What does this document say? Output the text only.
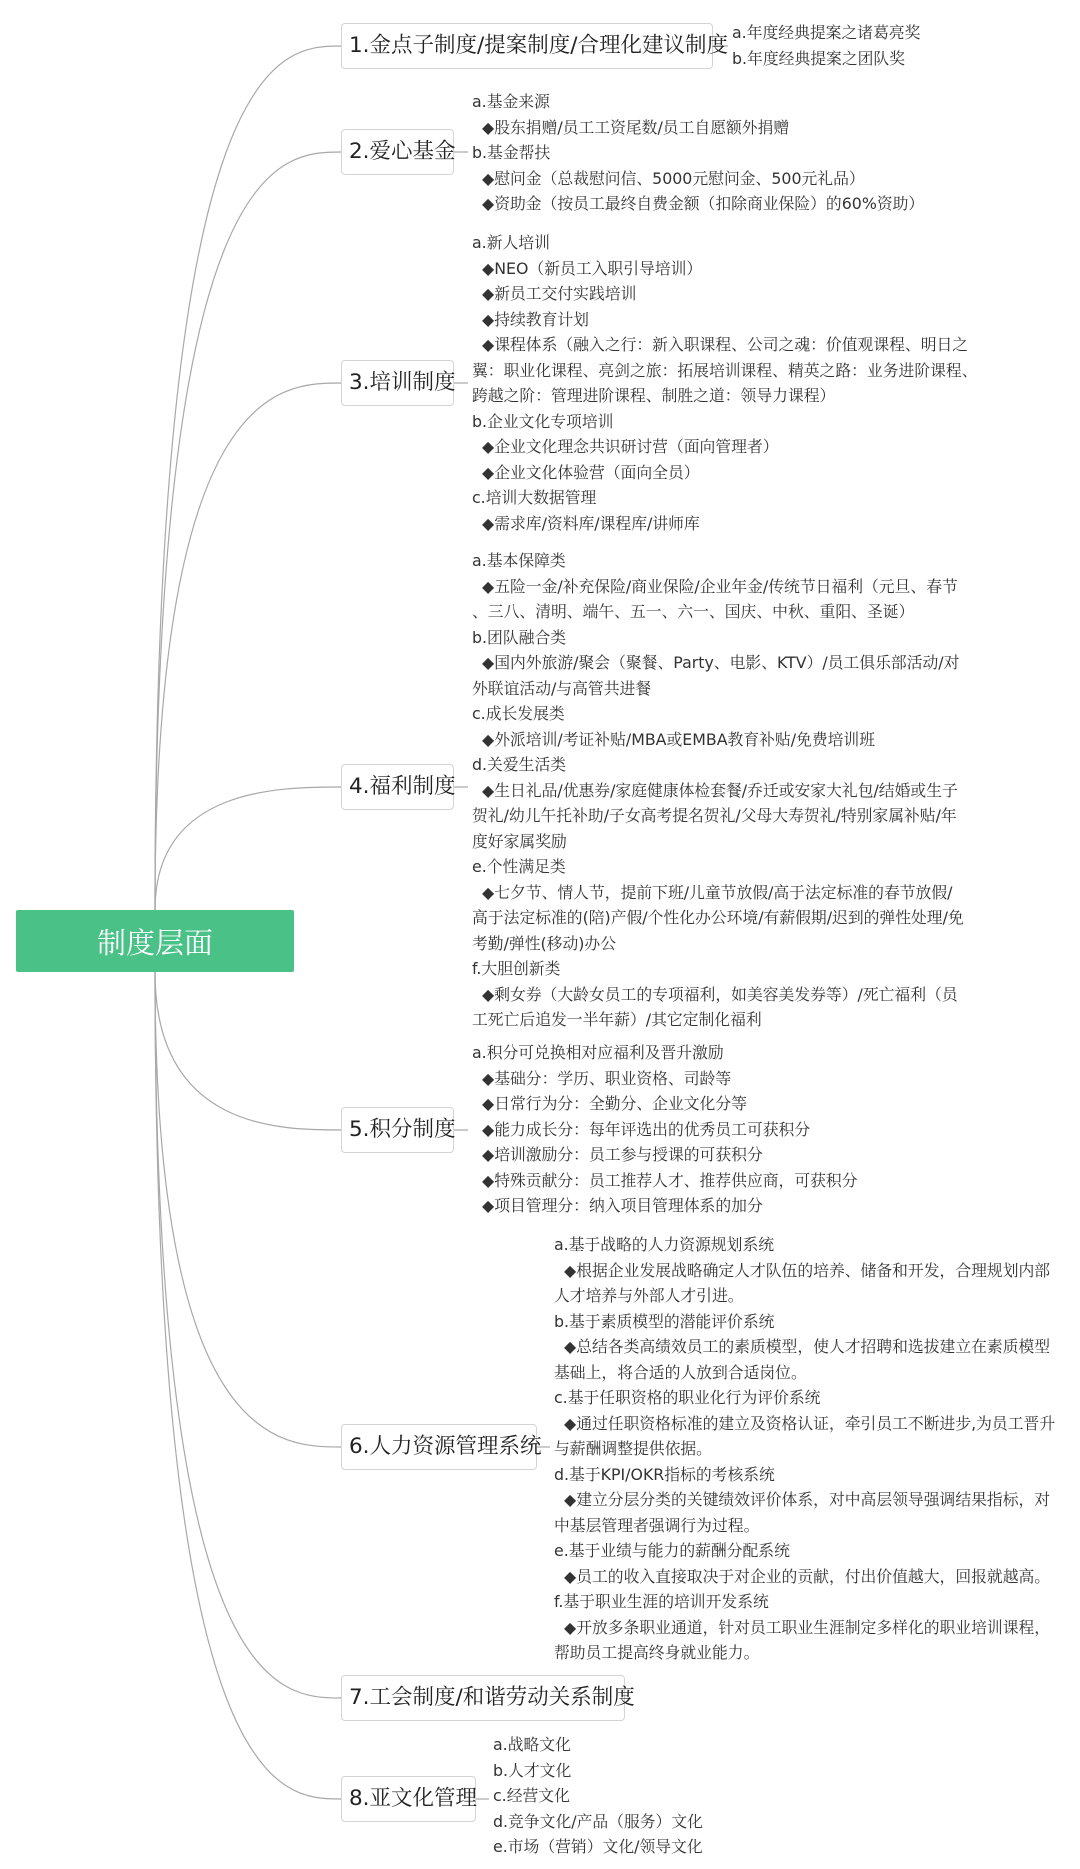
制度层面
1.金点子制度/提案制度/合理化建议制度
2.爱心基金
3.培训制度
4.福利制度
5.积分制度
6.人力资源管理系统
7.工会制度/和谐劳动关系制度
8.亚文化管理
a.年度经典提案之诸葛亮奖
b.年度经典提案之团队奖
a.基金来源
◆股东捐赠/员工工资尾数/员工自愿额外捐赠
b.基金帮扶
◆慰问金（总裁慰问信、5000元慰问金、500元礼品）
◆资助金（按员工最终自费金额（扣除商业保险）的60%资助）
a.新人培训
◆NEO（新员工入职引导培训）
◆新员工交付实践培训
◆持续教育计划
◆课程体系（融入之行：新入职课程、公司之魂：价值观课程、明日之
翼：职业化课程、亮剑之旅：拓展培训课程、精英之路：业务进阶课程、
跨越之阶：管理进阶课程、制胜之道：领导力课程）
b.企业文化专项培训
◆企业文化理念共识研讨营（面向管理者）
◆企业文化体验营（面向全员）
c.培训大数据管理
◆需求库/资料库/课程库/讲师库
a.基本保障类
◆五险一金/补充保险/商业保险/企业年金/传统节日福利（元旦、春节
、三八、清明、端午、五一、六一、国庆、中秋、重阳、圣诞）
b.团队融合类
◆国内外旅游/聚会（聚餐、Party、电影、KTV）/员工俱乐部活动/对
外联谊活动/与高管共进餐
c.成长发展类
◆外派培训/考证补贴/MBA或EMBA教育补贴/免费培训班
d.关爱生活类
◆生日礼品/优惠券/家庭健康体检套餐/乔迁或安家大礼包/结婚或生子
贺礼/幼儿午托补助/子女高考提名贺礼/父母大寿贺礼/特别家属补贴/年
度好家属奖励
e.个性满足类
◆七夕节、情人节，提前下班/儿童节放假/高于法定标准的春节放假/
高于法定标准的(陪)产假/个性化办公环境/有薪假期/迟到的弹性处理/免
考勤/弹性(移动)办公
f.大胆创新类
◆剩女券（大龄女员工的专项福利，如美容美发券等）/死亡福利（员
工死亡后追发一半年薪）/其它定制化福利
a.积分可兑换相对应福利及晋升激励
◆基础分：学历、职业资格、司龄等
◆日常行为分：全勤分、企业文化分等
◆能力成长分：每年评选出的优秀员工可获积分
◆培训激励分：员工参与授课的可获积分
◆特殊贡献分：员工推荐人才、推荐供应商，可获积分
◆项目管理分：纳入项目管理体系的加分
a.基于战略的人力资源规划系统
◆根据企业发展战略确定人才队伍的培养、储备和开发，合理规划内部
人才培养与外部人才引进。
b.基于素质模型的潜能评价系统
◆总结各类高绩效员工的素质模型，使人才招聘和选拔建立在素质模型
基础上，将合适的人放到合适岗位。
c.基于任职资格的职业化行为评价系统
◆通过任职资格标准的建立及资格认证，牵引员工不断进步,为员工晋升
与薪酬调整提供依据。
d.基于KPI/OKR指标的考核系统
◆建立分层分类的关键绩效评价体系，对中高层领导强调结果指标，对
中基层管理者强调行为过程。
e.基于业绩与能力的薪酬分配系统
◆员工的收入直接取决于对企业的贡献，付出价值越大，回报就越高。
f.基于职业生涯的培训开发系统
◆开放多条职业通道，针对员工职业生涯制定多样化的职业培训课程，
帮助员工提高终身就业能力。
a.战略文化
b.人才文化
c.经营文化
d.竞争文化/产品（服务）文化
e.市场（营销）文化/领导文化
